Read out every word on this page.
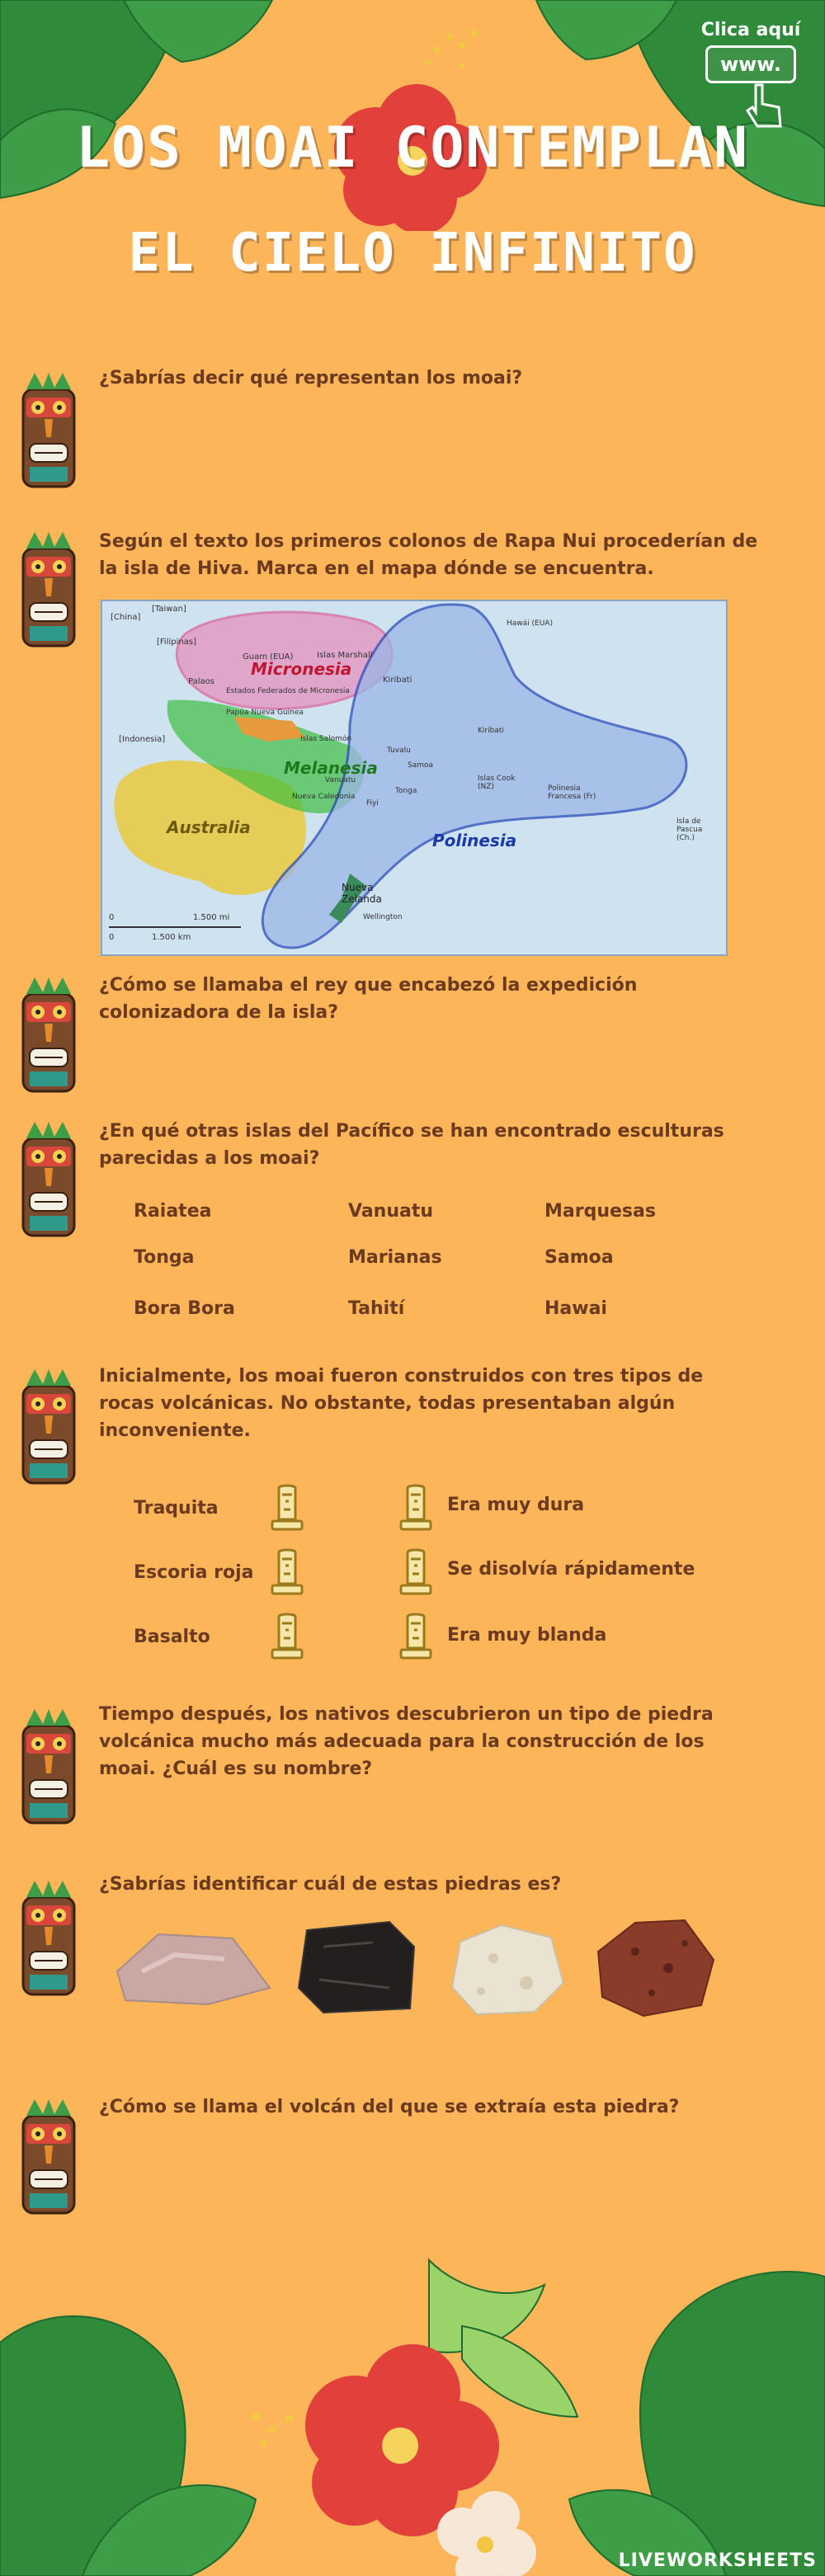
LOS MOAI CONTEMPLAN
EL CIELO INFINITO
Clica aquí
www.
¿Sabrías decir qué representan los moai?
Según el texto los primeros colonos de Rapa Nui procederían de la isla de Hiva. Marca en el mapa dónde se encuentra.
Micronesia
Melanesia
Polinesia
Australia
Nueva Zelanda
[Taiwan]
[China]
[Filipinas]
Palaos
Guam (EUA)	Islas Marshall
Estados Federados de Micronesia
Kiribati
Papúa Nueva Guinea
Islas Salomón
Vanuatu
Nueva Caledonia
Fiyi
Tuvalu
Samoa
Tonga
Islas Cook (NZ)	Polinesia Francesa (Fr)
Kiribati
Hawái (EUA)
Isla de Pascua (Ch.)
[Indonesia]
Wellington
0	1.500 mi
0	1.500 km
¿Cómo se llamaba el rey que encabezó la expedición colonizadora de la isla?
¿En qué otras islas del Pacífico se han encontrado esculturas parecidas a los moai?
Raiatea	Vanuatu	Marquesas
Tonga	Marianas	Samoa
Bora Bora	Tahití	Hawai
Inicialmente, los moai fueron construidos con tres tipos de rocas volcánicas. No obstante, todas presentaban algún inconveniente.
Traquita
Escoria roja
Basalto
Era muy dura
Se disolvía rápidamente
Era muy blanda
Tiempo después, los nativos descubrieron un tipo de piedra volcánica mucho más adecuada para la construcción de los moai. ¿Cuál es su nombre?
¿Sabrías identificar cuál de estas piedras es?
¿Cómo se llama el volcán del que se extraía esta piedra?
LIVEWORKSHEETS
